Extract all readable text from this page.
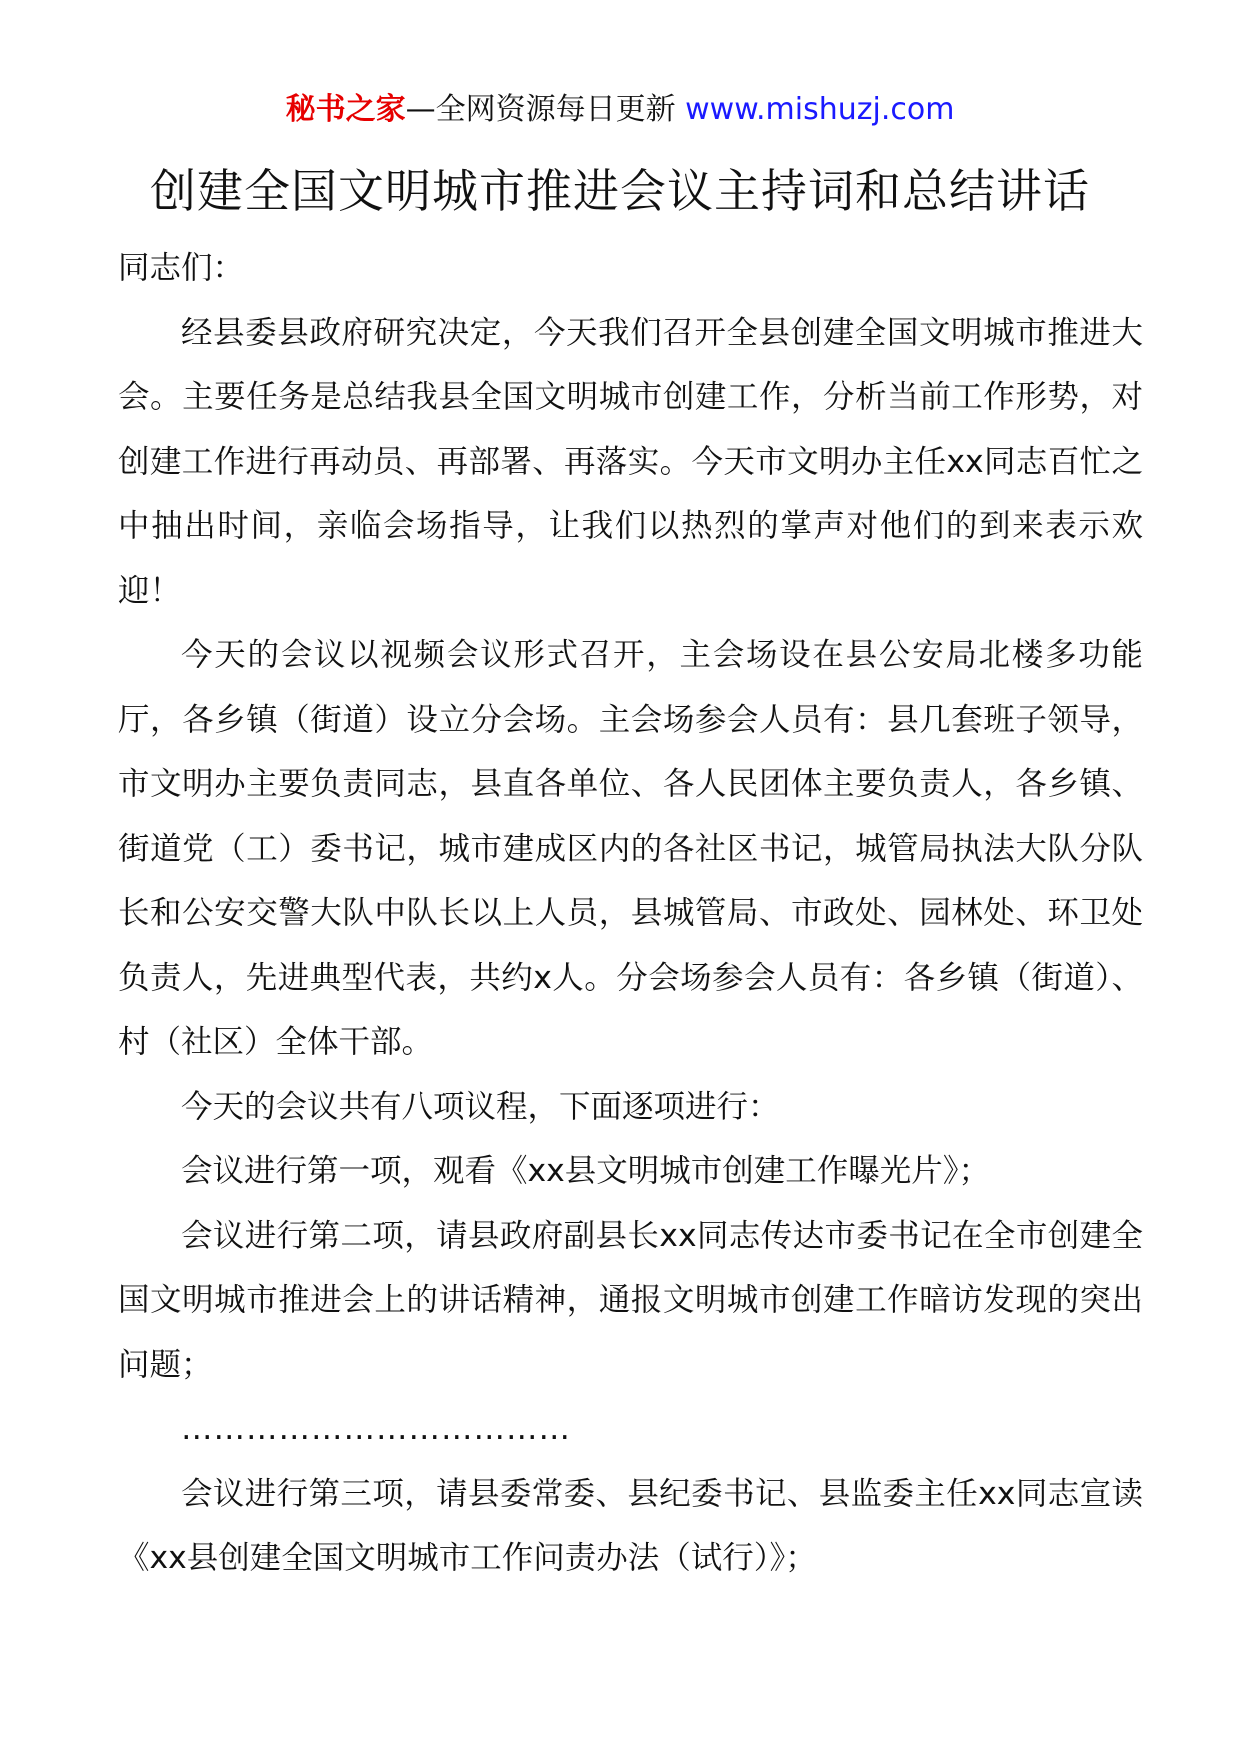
秘书之家—全网资源每日更新 www.mishuzj.com
创建全国文明城市推进会议主持词和总结讲话

同志们：

经县委县政府研究决定，今天我们召开全县创建全国文明城市推进大会。主要任务是总结我县全国文明城市创建工作，分析当前工作形势，对创建工作进行再动员、再部署、再落实。今天市文明办主任xx同志百忙之中抽出时间，亲临会场指导，让我们以热烈的掌声对他们的到来表示欢迎！

今天的会议以视频会议形式召开，主会场设在县公安局北楼多功能厅，各乡镇（街道）设立分会场。主会场参会人员有：县几套班子领导，市文明办主要负责同志，县直各单位、各人民团体主要负责人，各乡镇、街道党（工）委书记，城市建成区内的各社区书记，城管局执法大队分队长和公安交警大队中队长以上人员，县城管局、市政处、园林处、环卫处负责人，先进典型代表，共约x人。分会场参会人员有：各乡镇（街道）、村（社区）全体干部。

今天的会议共有八项议程，下面逐项进行：

会议进行第一项，观看《xx县文明城市创建工作曝光片》；

会议进行第二项，请县政府副县长xx同志传达市委书记在全市创建全国文明城市推进会上的讲话精神，通报文明城市创建工作暗访发现的突出问题；

………………………………

会议进行第三项，请县委常委、县纪委书记、县监委主任xx同志宣读《xx县创建全国文明城市工作问责办法（试行）》；
